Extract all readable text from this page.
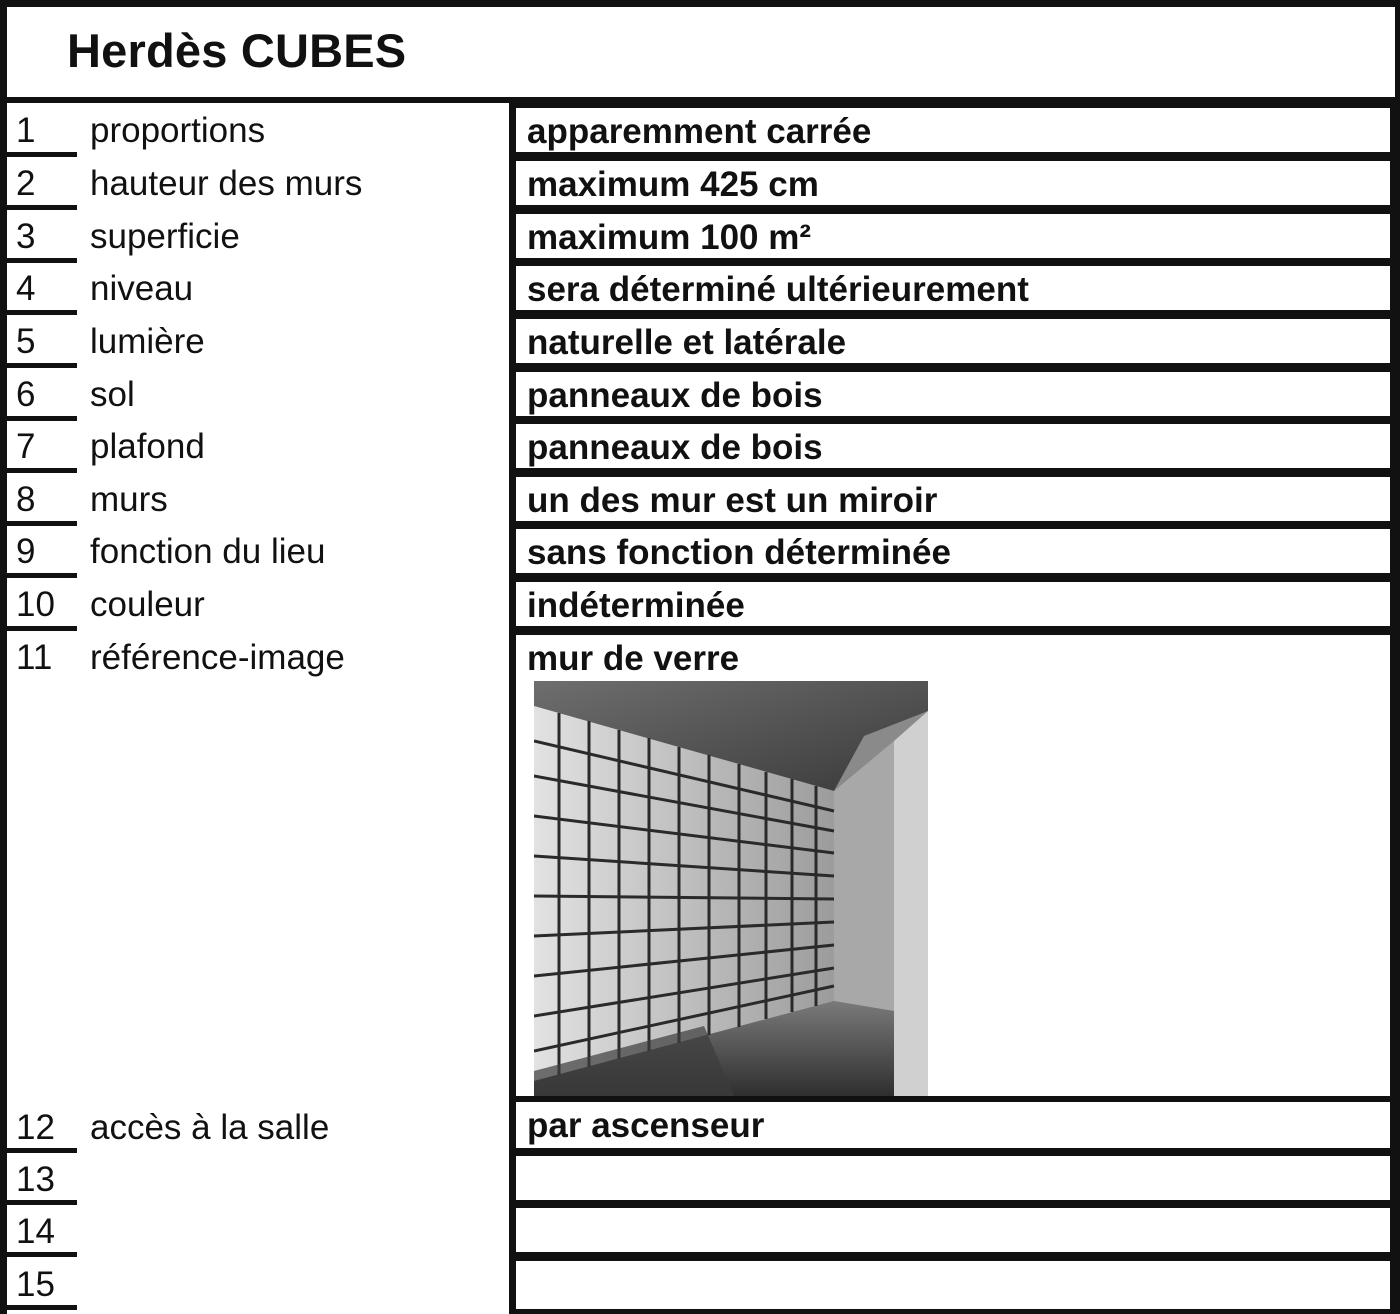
Herdès CUBES
1 proportions	apparemment carrée
2 hauteur des murs	maximum 425 cm
3 superficie	maximum 100 m²
4 niveau	sera déterminé ultérieurement
5 lumière	naturelle et latérale
6 sol	panneaux de bois
7 plafond	panneaux de bois
8 murs	un des mur est un miroir
9 fonction du lieu	sans fonction déterminée
10 couleur	indéterminée
11 référence-image	mur de verre
12 accès à la salle	par ascenseur
13
14
15
